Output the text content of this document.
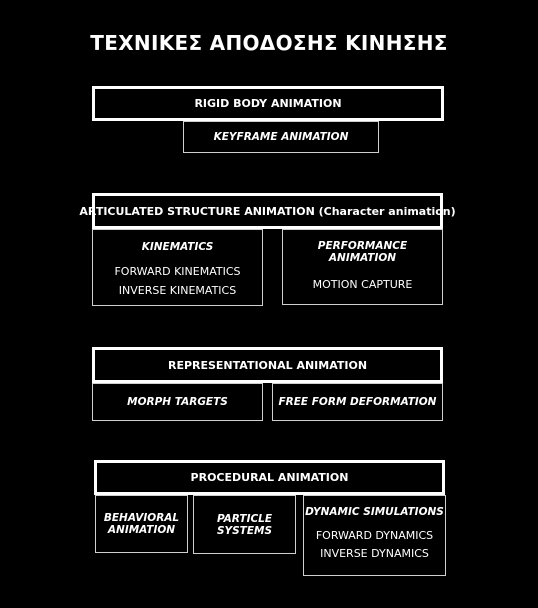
ΤΕΧΝΙΚΕΣ ΑΠΟΔΟΣΗΣ ΚΙΝΗΣΗΣ
RIGID BODY ANIMATION
KEYFRAME ANIMATION
ARTICULATED STRUCTURE ANIMATION (Character animation)
KINEMATICS
FORWARD KINEMATICS
INVERSE KINEMATICS
PERFORMANCE ANIMATION
MOTION CAPTURE
REPRESENTATIONAL ANIMATION
MORPH TARGETS	FREE FORM DEFORMATION
PROCEDURAL ANIMATION
BEHAVIORAL
ANIMATION
PARTICLE
SYSTEMS
DYNAMIC SIMULATIONS
FORWARD DYNAMICS
INVERSE DYNAMICS
